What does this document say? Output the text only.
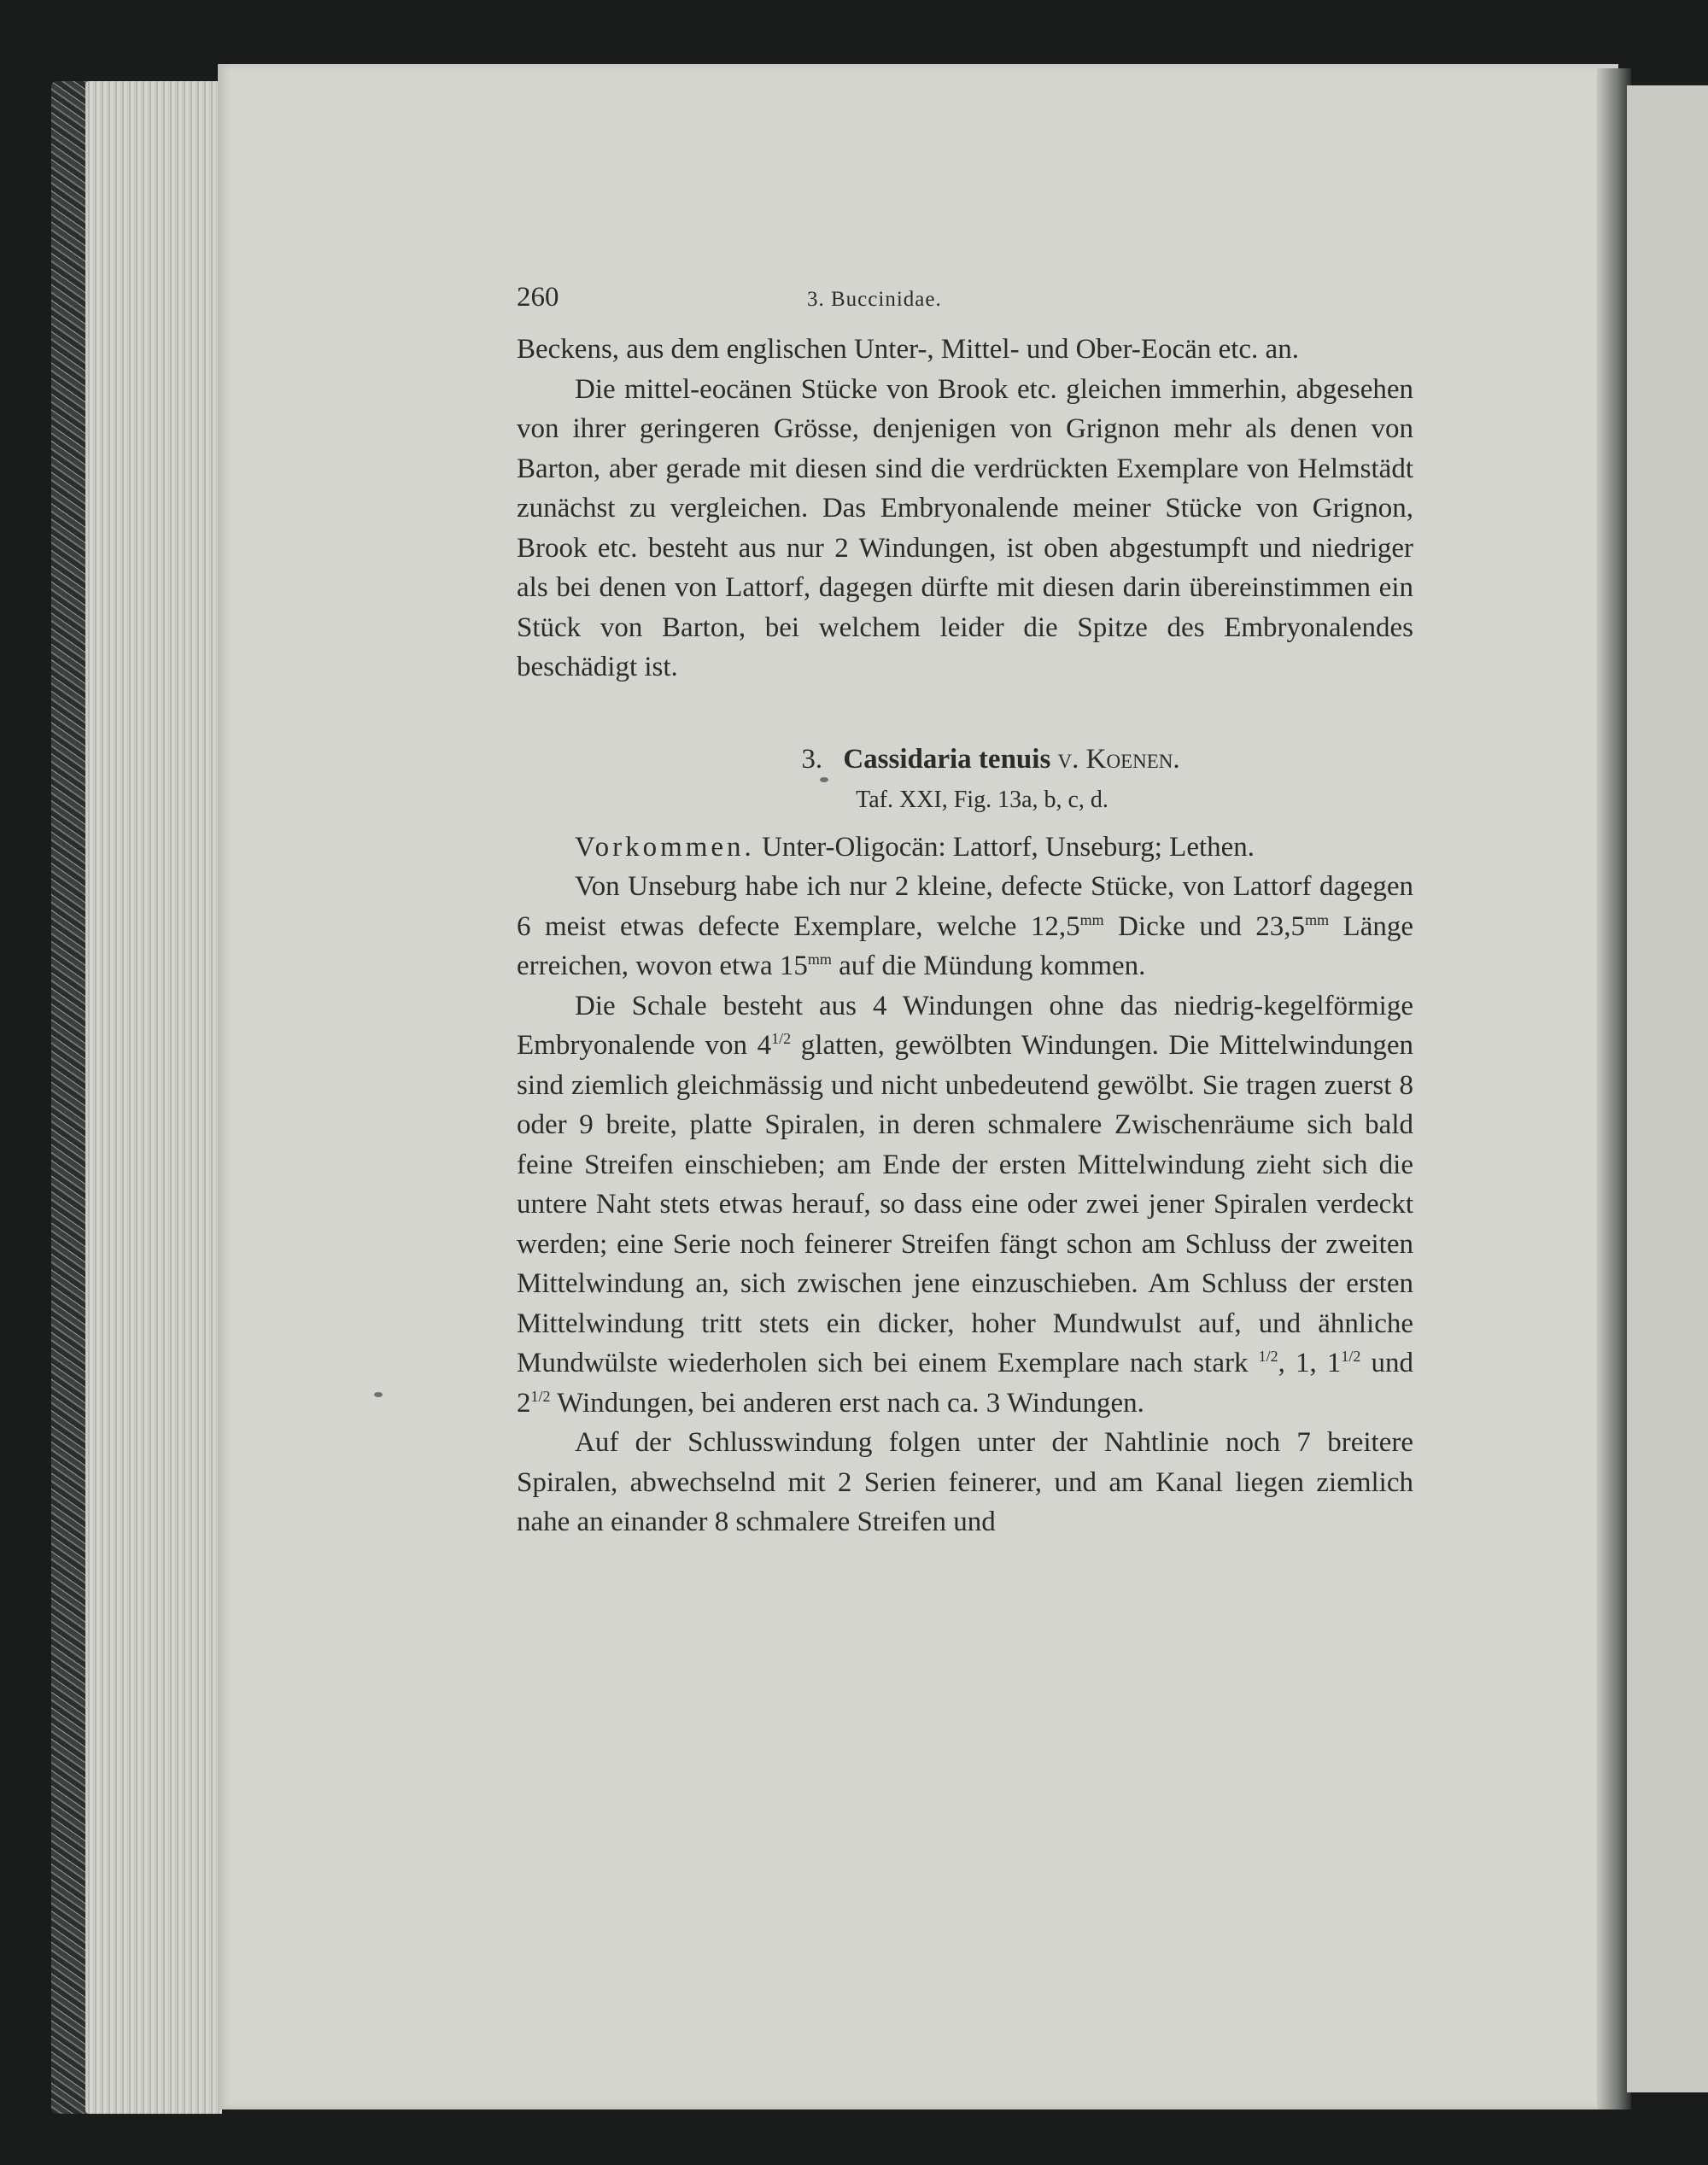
260	3. Buccinidae.

Beckens, aus dem englischen Unter-, Mittel- und Ober-Eocän etc. an.

Die mittel-eocänen Stücke von Brook etc. gleichen immerhin, abgesehen von ihrer geringeren Grösse, denjenigen von Grignon mehr als denen von Barton, aber gerade mit diesen sind die verdrückten Exemplare von Helmstädt zunächst zu vergleichen. Das Embryonalende meiner Stücke von Grignon, Brook etc. besteht aus nur 2 Windungen, ist oben abgestumpft und niedriger als bei denen von Lattorf, dagegen dürfte mit diesen darin übereinstimmen ein Stück von Barton, bei welchem leider die Spitze des Embryonalendes beschädigt ist.

3. Cassidaria tenuis v. Koenen.
Taf. XXI, Fig. 13a, b, c, d.

Vorkommen. Unter-Oligocän: Lattorf, Unseburg; Lethen.

Von Unseburg habe ich nur 2 kleine, defecte Stücke, von Lattorf dagegen 6 meist etwas defecte Exemplare, welche $12,5^{mm}$ Dicke und $23,5^{mm}$ Länge erreichen, wovon etwa $15^{mm}$ auf die Mündung kommen.

Die Schale besteht aus 4 Windungen ohne das niedrig-kegelförmige Embryonalende von $4^{1/2}$ glatten, gewölbten Windungen. Die Mittelwindungen sind ziemlich gleichmässig und nicht unbedeutend gewölbt. Sie tragen zuerst 8 oder 9 breite, platte Spiralen, in deren schmalere Zwischenräume sich bald feine Streifen einschieben; am Ende der ersten Mittelwindung zieht sich die untere Naht stets etwas herauf, so dass eine oder zwei jener Spiralen verdeckt werden; eine Serie noch feinerer Streifen fängt schon am Schluss der zweiten Mittelwindung an, sich zwischen jene einzuschieben. Am Schluss der ersten Mittelwindung tritt stets ein dicker, hoher Mundwulst auf, und ähnliche Mundwülste wiederholen sich bei einem Exemplare nach stark $^{1/2}$, 1, $1^{1/2}$ und $2^{1/2}$ Windungen, bei anderen erst nach ca. 3 Windungen.

Auf der Schlusswindung folgen unter der Nahtlinie noch 7 breitere Spiralen, abwechselnd mit 2 Serien feinerer, und am Kanal liegen ziemlich nahe an einander 8 schmalere Streifen und
